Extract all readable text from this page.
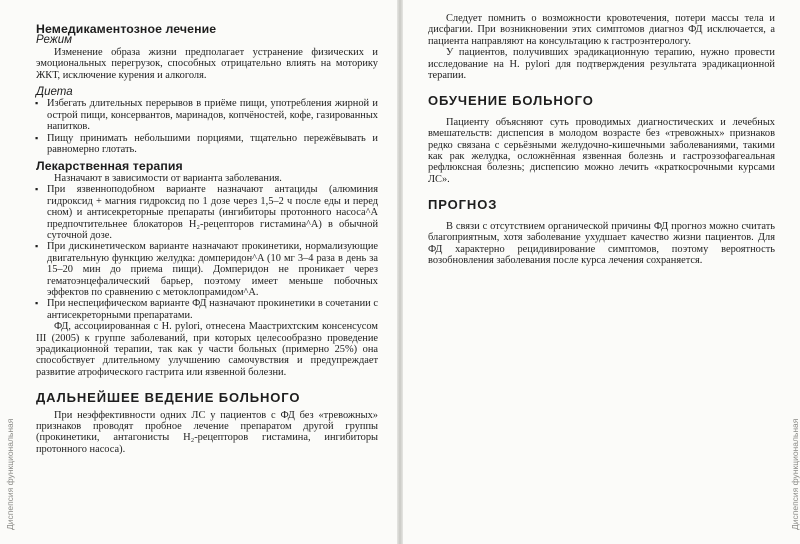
Диспепсия функциональная	Диспепсия функциональная
Немедикаментозное лечение
Режим

Изменение образа жизни предполагает устранение физических и эмоциональных перегрузок, способных отрицательно влиять на моторику ЖКТ, исключение курения и алкоголя.

Диета
▪ Избегать длительных перерывов в приёме пищи, употребления жирной и острой пищи, консервантов, маринадов, копчёностей, кофе, газированных напитков.
▪ Пищу принимать небольшими порциями, тщательно пережёвывать и равномерно глотать.
Лекарственная терапия

Назначают в зависимости от варианта заболевания.

▪ При язвенноподобном варианте назначают антациды (алюминия гидроксид + магния гидроксид по 1 дозе через 1,5–2 ч после еды и перед сном) и антисекреторные препараты (ингибиторы протонного насоса^A предпочтительнее блокаторов H₂-рецепторов гистамина^A) в обычной суточной дозе.
▪ При дискинетическом варианте назначают прокинетики, нормализующие двигательную функцию желудка: домперидон^A (10 мг 3–4 раза в день за 15–20 мин до приема пищи). Домперидон не проникает через гематоэнцефалический барьер, поэтому имеет меньше побочных эффектов по сравнению с метоклопрамидом^A.
▪ При неспецифическом варианте ФД назначают прокинетики в сочетании с антисекреторными препаратами.

ФД, ассоциированная с H. pylori, отнесена Маастрихтским консенсусом III (2005) к группе заболеваний, при которых целесообразно проведение эрадикационной терапии, так как у части больных (примерно 25%) она способствует длительному улучшению самочувствия и предупреждает развитие атрофического гастрита или язвенной болезни.

ДАЛЬНЕЙШЕЕ ВЕДЕНИЕ БОЛЬНОГО

При неэффективности одних ЛС у пациентов с ФД без «тревожных» признаков проводят пробное лечение препаратом другой группы (прокинетики, антагонисты H₂-рецепторов гистамина, ингибиторы протонного насоса).

Следует помнить о возможности кровотечения, потери массы тела и дисфагии. При возникновении этих симптомов диагноз ФД исключается, а пациента направляют на консультацию к гастроэнтерологу.

У пациентов, получивших эрадикационную терапию, нужно провести исследование на H. pylori для подтверждения результата эрадикационной терапии.

ОБУЧЕНИЕ БОЛЬНОГО

Пациенту объясняют суть проводимых диагностических и лечебных вмешательств: диспепсия в молодом возрасте без «тревожных» признаков редко связана с серьёзными желудочно-кишечными заболеваниями, такими как рак желудка, осложнённая язвенная болезнь и гастроэзофагеальная рефлюксная болезнь; диспепсию можно лечить «краткосрочными курсами ЛС».

ПРОГНОЗ

В связи с отсутствием органической причины ФД прогноз можно считать благоприятным, хотя заболевание ухудшает качество жизни пациентов. Для ФД характерно рецидивирование симптомов, поэтому вероятность возобновления заболевания после курса лечения сохраняется.
